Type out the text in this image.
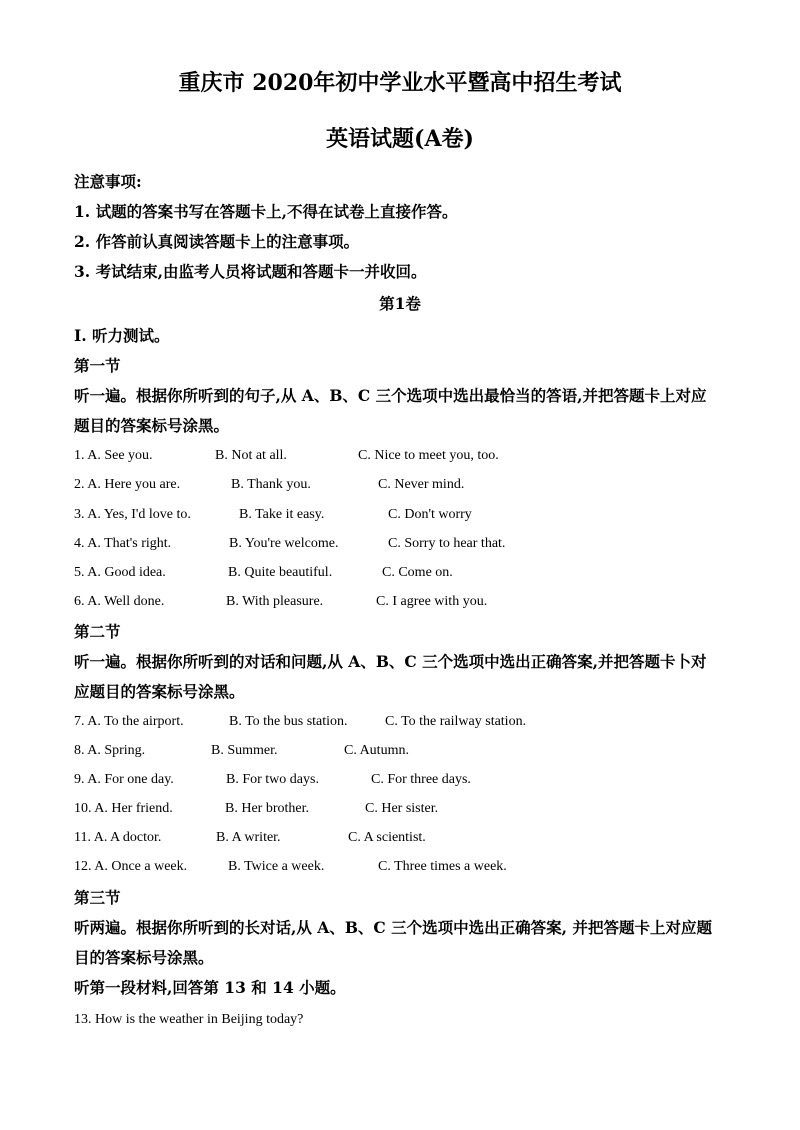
重庆市 2020年初中学业水平暨高中招生考试
英语试题(A卷)
注意事项:
1. 试题的答案书写在答题卡上,不得在试卷上直接作答。
2. 作答前认真阅读答题卡上的注意事项。
3. 考试结束,由监考人员将试题和答题卡一并收回。
第1卷
I. 听力测试。
第一节
听一遍。根据你所听到的句子,从 A、B、C 三个选项中选出最恰当的答语,并把答题卡上对应
题目的答案标号涂黑。
1. A. See you.	B. Not at all.	C. Nice to meet you, too.
2. A. Here you are.	B. Thank you.	C. Never mind.
3. A. Yes, I'd love to.	B. Take it easy.	C. Don't worry
4. A. That's right.	B. You're welcome.	C. Sorry to hear that.
5. A. Good idea.	B. Quite beautiful.	C. Come on.
6. A. Well done.	B. With pleasure.	C. I agree with you.
第二节
听一遍。根据你所听到的对话和问题,从 A、B、C 三个选项中选出正确答案,并把答题卡卜对
应题目的答案标号涂黑。
7. A. To the airport.	B. To the bus station.	C. To the railway station.
8. A. Spring.	B. Summer.	C. Autumn.
9. A. For one day.	B. For two days.	C. For three days.
10. A. Her friend.	B. Her brother.	C. Her sister.
11. A. A doctor.	B. A writer.	C. A scientist.
12. A. Once a week.	B. Twice a week.	C. Three times a week.
第三节
听两遍。根据你所听到的长对话,从 A、B、C 三个选项中选出正确答案, 并把答题卡上对应题
目的答案标号涂黑。
听第一段材料,回答第 13 和 14 小题。
13. How is the weather in Beijing today?
